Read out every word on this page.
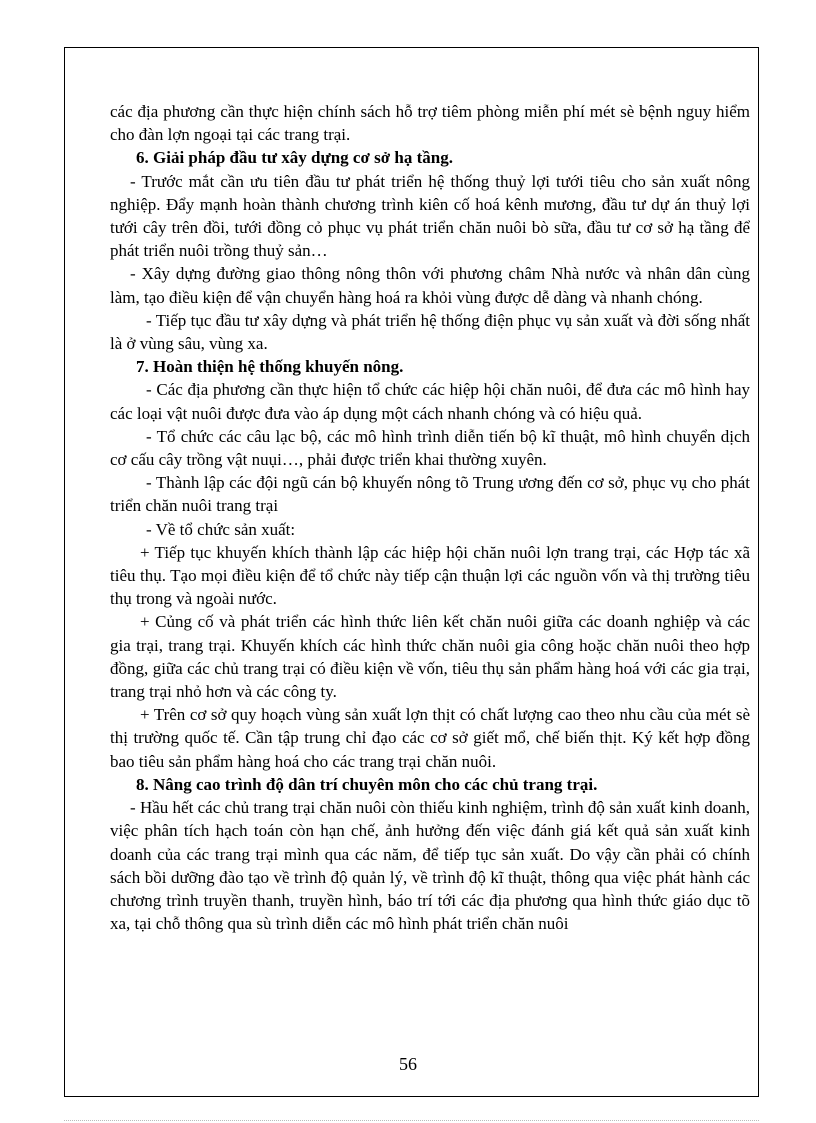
các địa phương cần thực hiện chính sách hỗ trợ tiêm phòng miễn phí mét sè bệnh nguy hiểm cho đàn lợn ngoại tại các trang trại.

6. Giải pháp đầu tư xây dựng cơ sở hạ tầng.

- Trước mắt cần ưu tiên đầu tư phát triển hệ thống thuỷ lợi tưới tiêu cho sản xuất nông nghiệp. Đẩy mạnh hoàn thành chương trình kiên cố hoá kênh mương, đầu tư dự án thuỷ lợi tưới cây trên đồi, tưới đồng cỏ phục vụ phát triển chăn nuôi bò sữa, đầu tư cơ sở hạ tầng để phát triển nuôi trồng thuỷ sản…

- Xây dựng đường giao thông nông thôn với phương châm Nhà nước và nhân dân cùng làm, tạo điều kiện để vận chuyển hàng hoá ra khỏi vùng được dễ dàng và nhanh chóng.

- Tiếp tục đầu tư xây dựng và phát triển hệ thống điện phục vụ sản xuất và đời sống nhất là ở vùng sâu, vùng xa.

7. Hoàn thiện hệ thống khuyến nông.

- Các địa phương cần thực hiện tổ chức các hiệp hội chăn nuôi, để đưa các mô hình hay các loại vật nuôi được đưa vào áp dụng một cách nhanh chóng và có hiệu quả.

- Tổ chức các câu lạc bộ, các mô hình trình diễn tiến bộ kĩ thuật, mô hình chuyển dịch cơ cấu cây trồng vật nuụi…, phải được triển khai thường xuyên.

- Thành lập các đội ngũ cán bộ khuyến nông tõ Trung ương đến cơ sở, phục vụ cho phát triển chăn nuôi trang trại

- Về tổ chức sản xuất:

+ Tiếp tục khuyến khích thành lập các hiệp hội chăn nuôi lợn trang trại, các Hợp tác xã tiêu thụ. Tạo mọi điều kiện để tổ chức này tiếp cận thuận lợi các nguồn vốn và thị trường tiêu thụ trong và ngoài nước.

+ Củng cố và phát triển các hình thức liên kết chăn nuôi giữa các doanh nghiệp và các gia trại, trang trại. Khuyến khích các hình thức chăn nuôi gia công hoặc chăn nuôi theo hợp đồng, giữa các chủ trang trại có điều kiện về vốn, tiêu thụ sản phẩm hàng hoá với các gia trại, trang trại nhỏ hơn và các công ty.

+ Trên cơ sở quy hoạch vùng sản xuất lợn thịt có chất lượng cao theo nhu cầu của mét sè thị trường quốc tế. Cần tập trung chỉ đạo các cơ sở giết mổ, chế biến thịt. Ký kết hợp đồng bao tiêu sản phẩm hàng hoá cho các trang trại chăn nuôi.

8. Nâng cao trình độ dân trí chuyên môn cho các chủ trang trại.

- Hầu hết các chủ trang trại chăn nuôi còn thiếu kinh nghiệm, trình độ sản xuất kinh doanh, việc phân tích hạch toán còn hạn chế, ảnh hưởng đến việc đánh giá kết quả sản xuất kinh doanh của các trang trại mình qua các năm, để tiếp tục sản xuất. Do vậy cần phải có chính sách bồi dưỡng đào tạo về trình độ quản lý, về trình độ kĩ thuật, thông qua việc phát hành các chương trình truyền thanh, truyền hình, báo trí tới các địa phương qua hình thức giáo dục tõ xa, tại chỗ thông qua sù trình diễn các mô hình phát triển chăn nuôi

56
